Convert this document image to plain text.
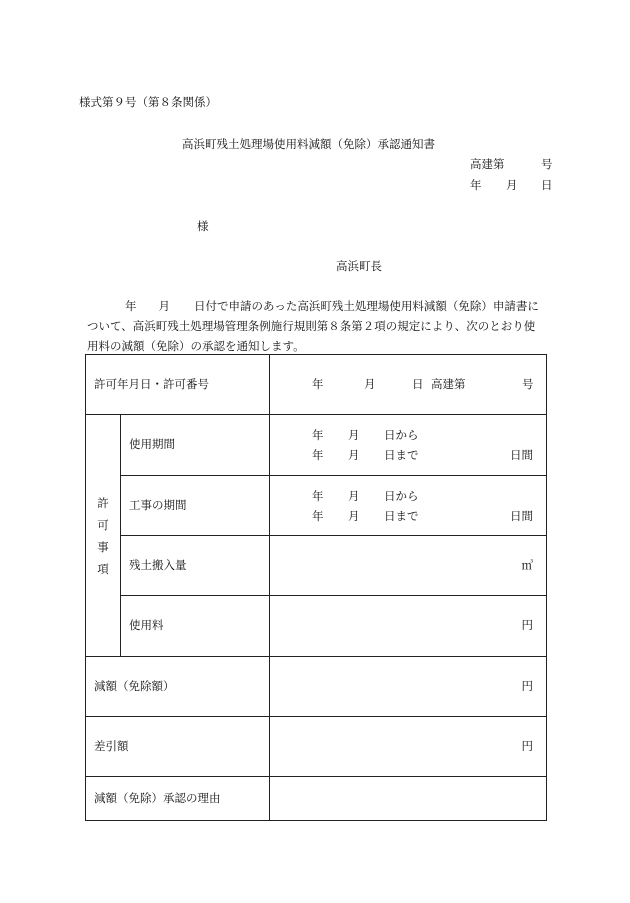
様式第９号（第８条関係）
高浜町残土処理場使用料減額（免除）承認通知書
高建第	号
年 月 日
様
高浜町長
年 月 日付で申請のあった高浜町残土処理場使用料減額（免除）申請書に
ついて、高浜町残土処理場管理条例施行規則第８条第２項の規定により、次のとおり使
用料の減額（免除）の承認を通知します。
許可年月日・許可番号		年 月 日 高建第 号

許
可
事
項	使用期間	年 月 日から
年 月 日まで 日間

	工事の期間	年 月 日から
年 月 日まで 日間

	残土搬入量	㎥
	使用料	円
減額（免除額）		円
差引額		円
減額（免除）承認の理由		
